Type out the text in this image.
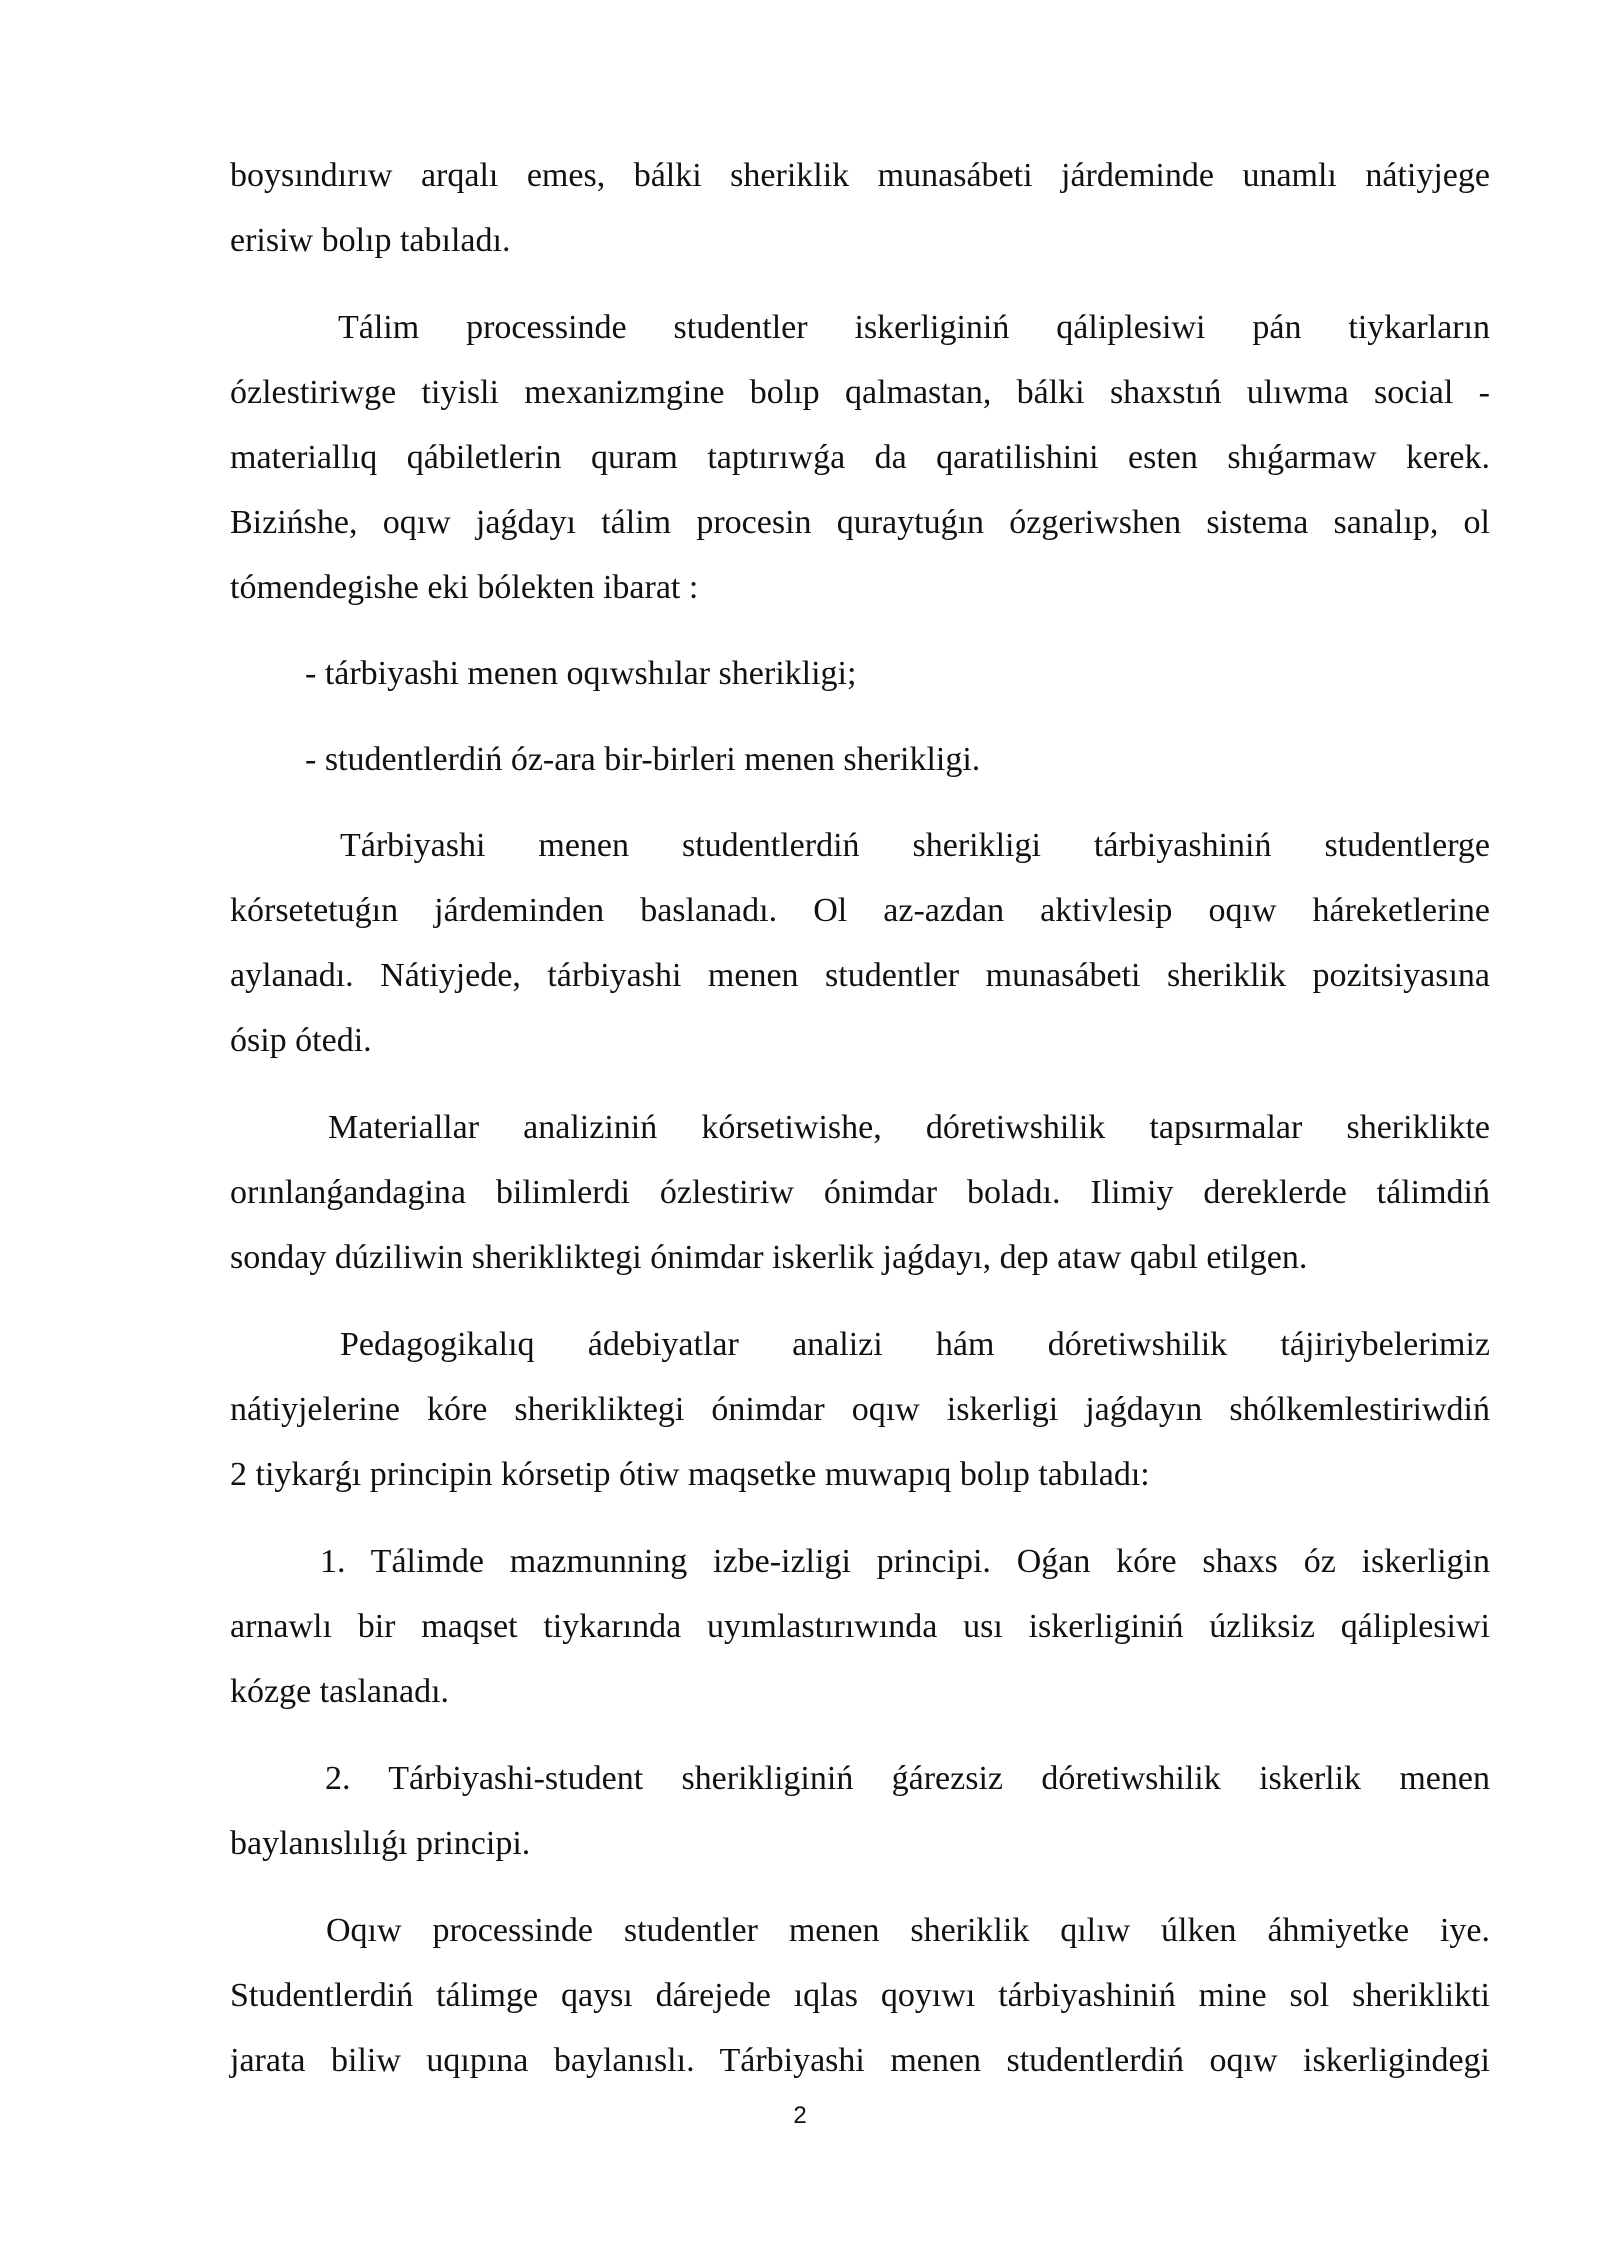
boysındırıw arqalı emes, bálki sheriklik munasábeti járdeminde unamlı nátiyjege
erisiw bolıp tabıladı.
Tálim processinde studentler iskerliginiń qáliplesiwi pán tiykarların
ózlestiriwge tiyisli mexanizmgine bolıp qalmastan, bálki shaxstıń ulıwma social -
materiallıq qábiletlerin quram taptırıwǵa da qaratilishini esten shıǵarmaw kerek.
Bizińshe, oqıw jaǵdayı tálim procesin quraytuǵın ózgeriwshen sistema sanalıp, ol
tómendegishe eki bólekten ibarat :
- tárbiyashi menen oqıwshılar sherikligi;
- studentlerdiń óz-ara bir-birleri menen sherikligi.
Tárbiyashi menen studentlerdiń sherikligi tárbiyashiniń studentlerge
kórsetetuǵın járdeminden baslanadı. Ol az-azdan aktivlesip oqıw háreketlerine
aylanadı. Nátiyjede, tárbiyashi menen studentler munasábeti sheriklik pozitsiyasına
ósip ótedi.
Materiallar analiziniń kórsetiwishe, dóretiwshilik tapsırmalar sheriklikte
orınlanǵandagina bilimlerdi ózlestiriw ónimdar boladı. Ilimiy dereklerde tálimdiń
sonday dúziliwin sherikliktegi ónimdar iskerlik jaǵdayı, dep ataw qabıl etilgen.
Pedagogikalıq ádebiyatlar analizi hám dóretiwshilik tájiriybelerimiz
nátiyjelerine kóre sherikliktegi ónimdar oqıw iskerligi jaǵdayın shólkemlestiriwdiń
2 tiykarǵı principin kórsetip ótiw maqsetke muwapıq bolıp tabıladı:
1. Tálimde mazmunning izbe-izligi principi. Oǵan kóre shaxs óz iskerligin
arnawlı bir maqset tiykarında uyımlastırıwında usı iskerliginiń úzliksiz qáliplesiwi
kózge taslanadı.
2. Tárbiyashi-student sherikliginiń ǵárezsiz dóretiwshilik iskerlik menen
baylanıslılıǵı principi.
Oqıw processinde studentler menen sheriklik qılıw úlken áhmiyetke iye.
Studentlerdiń tálimge qaysı dárejede ıqlas qoyıwı tárbiyashiniń mine sol sheriklikti
jarata biliw uqıpına baylanıslı. Tárbiyashi menen studentlerdiń oqıw iskerligindegi
2
